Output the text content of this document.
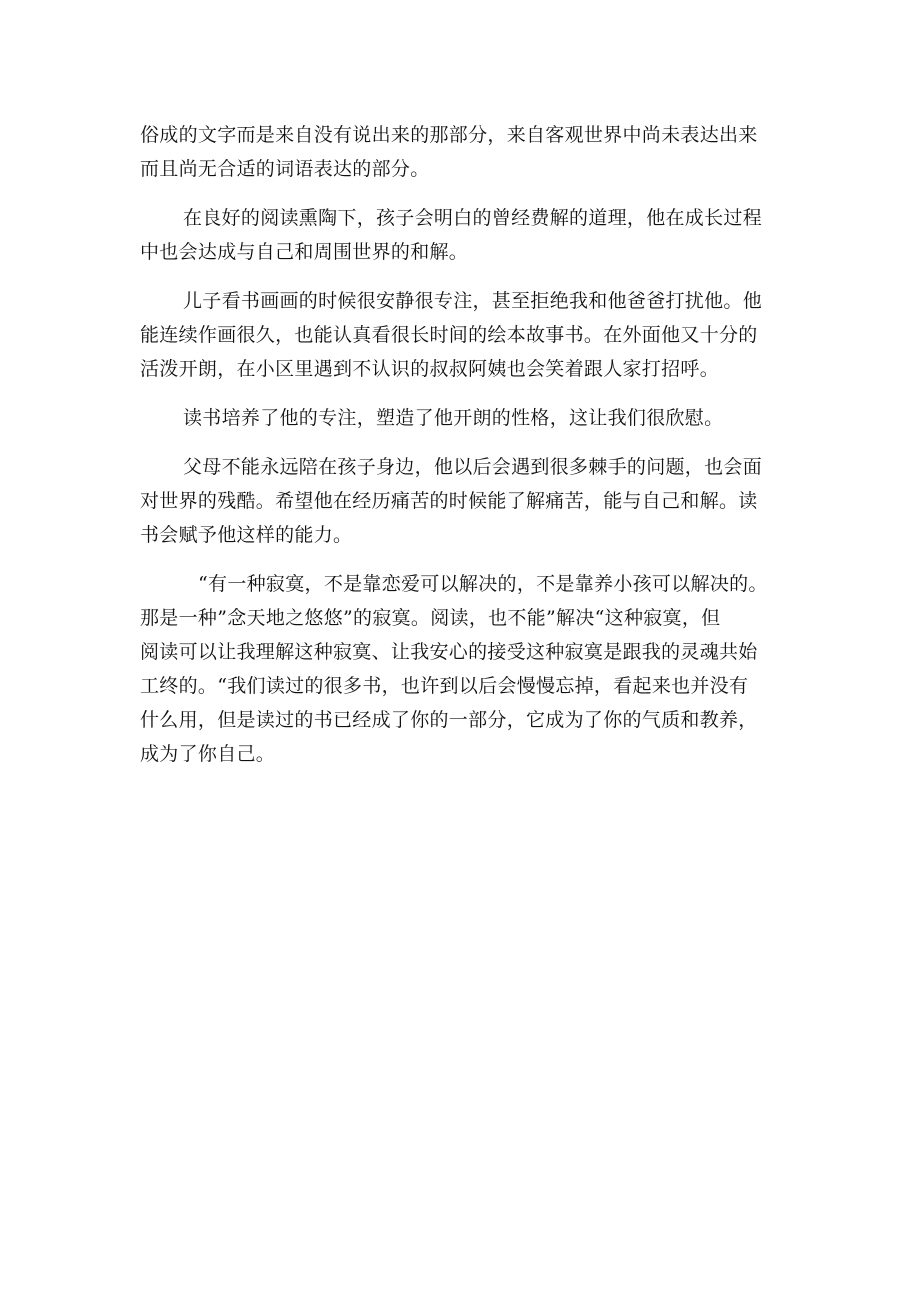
俗成的文字而是来自没有说出来的那部分，来自客观世界中尚未表达出来
而且尚无合适的词语表达的部分。
在良好的阅读熏陶下，孩子会明白的曾经费解的道理，他在成长过程
中也会达成与自己和周围世界的和解。
儿子看书画画的时候很安静很专注，甚至拒绝我和他爸爸打扰他。他
能连续作画很久，也能认真看很长时间的绘本故事书。在外面他又十分的
活泼开朗，在小区里遇到不认识的叔叔阿姨也会笑着跟人家打招呼。
读书培养了他的专注，塑造了他开朗的性格，这让我们很欣慰。
父母不能永远陪在孩子身边，他以后会遇到很多棘手的问题，也会面
对世界的残酷。希望他在经历痛苦的时候能了解痛苦，能与自己和解。读
书会赋予他这样的能力。
“有一种寂寞，不是靠恋爱可以解决的，不是靠养小孩可以解决的。
那是一种”念天地之悠悠”的寂寞。阅读，也不能”解决“这种寂寞，但
阅读可以让我理解这种寂寞、让我安心的接受这种寂寞是跟我的灵魂共始
工终的。“我们读过的很多书，也许到以后会慢慢忘掉，看起来也并没有
什么用，但是读过的书已经成了你的一部分，它成为了你的气质和教养，
成为了你自己。
